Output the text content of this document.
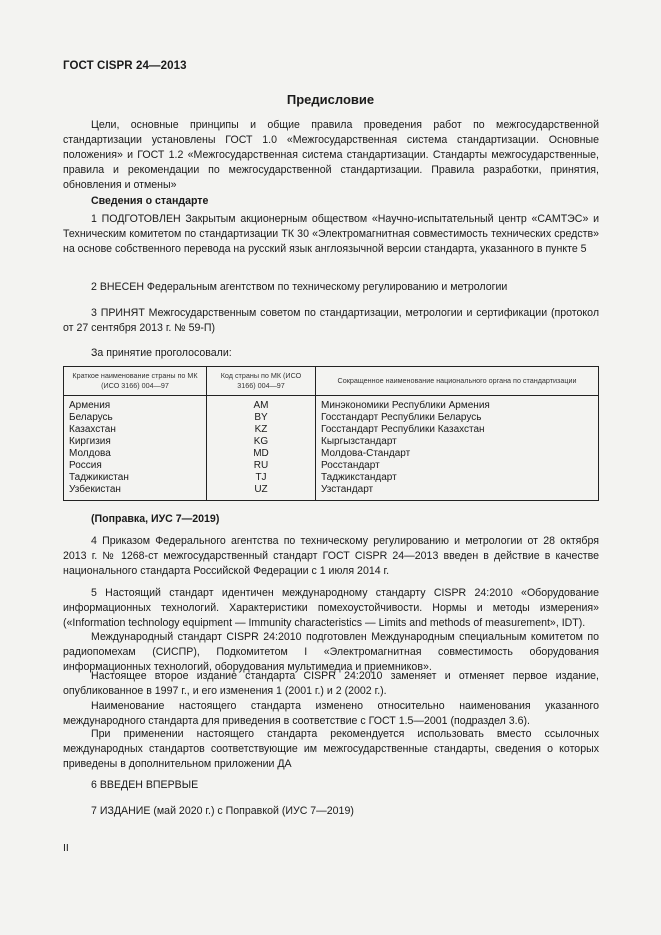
ГОСТ CISPR 24—2013
Предисловие
Цели, основные принципы и общие правила проведения работ по межгосударственной стандартизации установлены ГОСТ 1.0 «Межгосударственная система стандартизации. Основные положения» и ГОСТ 1.2 «Межгосударственная система стандартизации. Стандарты межгосударственные, правила и рекомендации по межгосударственной стандартизации. Правила разработки, принятия, обновления и отмены»
Сведения о стандарте
1 ПОДГОТОВЛЕН Закрытым акционерным обществом «Научно-испытательный центр «САМТЭС» и Техническим комитетом по стандартизации ТК 30 «Электромагнитная совместимость технических средств» на основе собственного перевода на русский язык англоязычной версии стандарта, указанного в пункте 5
2 ВНЕСЕН Федеральным агентством по техническому регулированию и метрологии
3 ПРИНЯТ Межгосударственным советом по стандартизации, метрологии и сертификации (протокол от 27 сентября 2013 г. № 59-П)
За принятие проголосовали:
Краткое наименование страны по МК (ИСО 3166) 004—97	Код страны по МК (ИСО 3166) 004—97	Сокращенное наименование национального органа по стандартизации
Армения	AM	Минэкономики Республики Армения
Беларусь	BY	Госстандарт Республики Беларусь
Казахстан	KZ	Госстандарт Республики Казахстан
Киргизия	KG	Кыргызстандарт
Молдова	MD	Молдова-Стандарт
Россия	RU	Росстандарт
Таджикистан	TJ	Таджикстандарт
Узбекистан	UZ	Узстандарт
(Поправка, ИУС 7—2019)
4 Приказом Федерального агентства по техническому регулированию и метрологии от 28 октября 2013 г. № 1268-ст межгосударственный стандарт ГОСТ CISPR 24—2013 введен в действие в качестве национального стандарта Российской Федерации с 1 июля 2014 г.
5 Настоящий стандарт идентичен международному стандарту CISPR 24:2010 «Оборудование информационных технологий. Характеристики помехоустойчивости. Нормы и методы измерения» («Information technology equipment — Immunity characteristics — Limits and methods of measurement», IDT).
Международный стандарт CISPR 24:2010 подготовлен Международным специальным комитетом по радиопомехам (СИСПР), Подкомитетом I «Электромагнитная совместимость оборудования информационных технологий, оборудования мультимедиа и приемников».
Настоящее второе издание стандарта CISPR 24:2010 заменяет и отменяет первое издание, опубликованное в 1997 г., и его изменения 1 (2001 г.) и 2 (2002 г.).
Наименование настоящего стандарта изменено относительно наименования указанного международного стандарта для приведения в соответствие с ГОСТ 1.5—2001 (подраздел 3.6).
При применении настоящего стандарта рекомендуется использовать вместо ссылочных международных стандартов соответствующие им межгосударственные стандарты, сведения о которых приведены в дополнительном приложении ДА
6 ВВЕДЕН ВПЕРВЫЕ
7 ИЗДАНИЕ (май 2020 г.) с Поправкой (ИУС 7—2019)
II
